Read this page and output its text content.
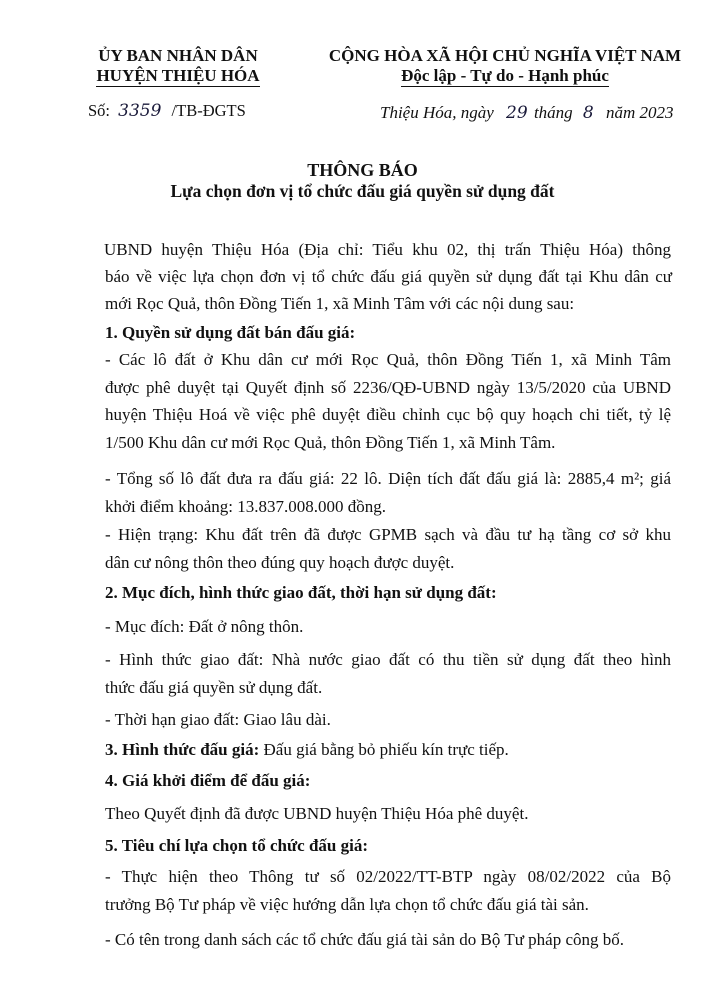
ỦY BAN NHÂN DÂN
HUYỆN THIỆU HÓA
Số: 3359 /TB-ĐGTS
CỘNG HÒA XÃ HỘI CHỦ NGHĨA VIỆT NAM
Độc lập - Tự do - Hạnh phúc
Thiệu Hóa, ngày 29 tháng 8 năm 2023
THÔNG BÁO
Lựa chọn đơn vị tổ chức đấu giá quyền sử dụng đất
UBND huyện Thiệu Hóa (Địa chỉ: Tiểu khu 02, thị trấn Thiệu Hóa) thông
báo về việc lựa chọn đơn vị tổ chức đấu giá quyền sử dụng đất tại Khu dân cư
mới Rọc Quả, thôn Đồng Tiến 1, xã Minh Tâm với các nội dung sau:
1. Quyền sử dụng đất bán đấu giá:
- Các lô đất ở Khu dân cư mới Rọc Quả, thôn Đồng Tiến 1, xã Minh Tâm
được phê duyệt tại Quyết định số 2236/QĐ-UBND ngày 13/5/2020 của UBND
huyện Thiệu Hoá về việc phê duyệt điều chỉnh cục bộ quy hoạch chi tiết, tỷ lệ
1/500 Khu dân cư mới Rọc Quả, thôn Đồng Tiến 1, xã Minh Tâm.
- Tổng số lô đất đưa ra đấu giá: 22 lô. Diện tích đất đấu giá là: 2885,4 m²; giá
khởi điểm khoảng: 13.837.008.000 đồng.
- Hiện trạng: Khu đất trên đã được GPMB sạch và đầu tư hạ tầng cơ sở khu
dân cư nông thôn theo đúng quy hoạch được duyệt.
2. Mục đích, hình thức giao đất, thời hạn sử dụng đất:
- Mục đích: Đất ở nông thôn.
- Hình thức giao đất: Nhà nước giao đất có thu tiền sử dụng đất theo hình
thức đấu giá quyền sử dụng đất.
- Thời hạn giao đất: Giao lâu dài.
3. Hình thức đấu giá: Đấu giá bằng bỏ phiếu kín trực tiếp.
4. Giá khởi điểm để đấu giá:
Theo Quyết định đã được UBND huyện Thiệu Hóa phê duyệt.
5. Tiêu chí lựa chọn tổ chức đấu giá:
- Thực hiện theo Thông tư số 02/2022/TT-BTP ngày 08/02/2022 của Bộ
trưởng Bộ Tư pháp về việc hướng dẫn lựa chọn tổ chức đấu giá tài sản.
- Có tên trong danh sách các tổ chức đấu giá tài sản do Bộ Tư pháp công bố.
